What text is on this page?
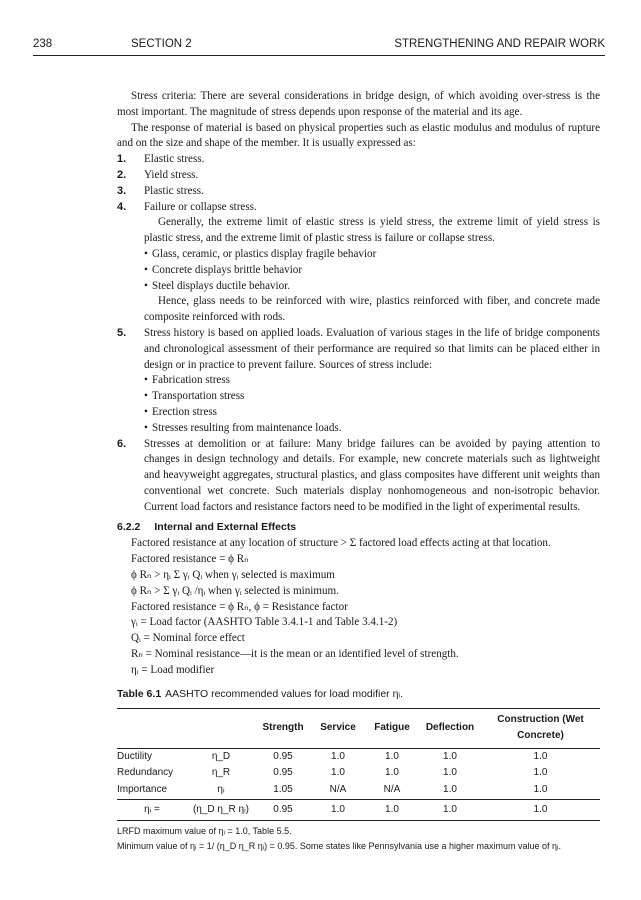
238	SECTION 2	STRENGTHENING AND REPAIR WORK

Stress criteria: There are several considerations in bridge design, of which avoiding over-stress is the most important. The magnitude of stress depends upon response of the material and its age.

The response of material is based on physical properties such as elastic modulus and modulus of rupture and on the size and shape of the member. It is usually expressed as:

1. Elastic stress.
2. Yield stress.
3. Plastic stress.
4. Failure or collapse stress.

Generally, the extreme limit of elastic stress is yield stress, the extreme limit of yield stress is plastic stress, and the extreme limit of plastic stress is failure or collapse stress.

• Glass, ceramic, or plastics display fragile behavior
• Concrete displays brittle behavior
• Steel displays ductile behavior.

Hence, glass needs to be reinforced with wire, plastics reinforced with fiber, and concrete made composite reinforced with rods.

5. Stress history is based on applied loads. Evaluation of various stages in the life of bridge components and chronological assessment of their performance are required so that limits can be placed either in design or in practice to prevent failure. Sources of stress include:
• Fabrication stress
• Transportation stress
• Erection stress
• Stresses resulting from maintenance loads.
6. Stresses at demolition or at failure: Many bridge failures can be avoided by paying attention to changes in design technology and details. For example, new concrete materials such as lightweight and heavyweight aggregates, structural plastics, and glass composites have different unit weights than conventional wet concrete. Such materials display nonhomogeneous and non-isotropic behavior. Current load factors and resistance factors need to be modified in the light of experimental results.

6.2.2 Internal and External Effects

Factored resistance at any location of structure > Σ factored load effects acting at that location.

Factored resistance = ϕ Rₙ

ϕ Rₙ > ηᵢ Σ γᵢ Qᵢ when γᵢ selected is maximum

ϕ Rₙ > Σ γᵢ Qᵢ /ηᵢ when γᵢ selected is minimum.

Factored resistance = ϕ Rₙ, ϕ = Resistance factor

γᵢ = Load factor (AASHTO Table 3.4.1-1 and Table 3.4.1-2)

Qᵢ = Nominal force effect

Rₙ = Nominal resistance—it is the mean or an identified level of strength.

ηᵢ = Load modifier

Table 6.1 AASHTO recommended values for load modifier ηᵢ.

		Strength	Service	Fatigue	Deflection	Construction (Wet Concrete)
Ductility	η_D	0.95	1.0	1.0	1.0	1.0
Redundancy	η_R	0.95	1.0	1.0	1.0	1.0
Importance	ηᵢ	1.05	N/A	N/A	1.0	1.0
ηᵢ =	(η_D η_R ηᵢ)	0.95	1.0	1.0	1.0	1.0

LRFD maximum value of ηᵢ = 1.0, Table 5.5.

Minimum value of ηᵢ = 1/ (η_D η_R ηᵢ) = 0.95. Some states like Pennsylvania use a higher maximum value of ηᵢ.
